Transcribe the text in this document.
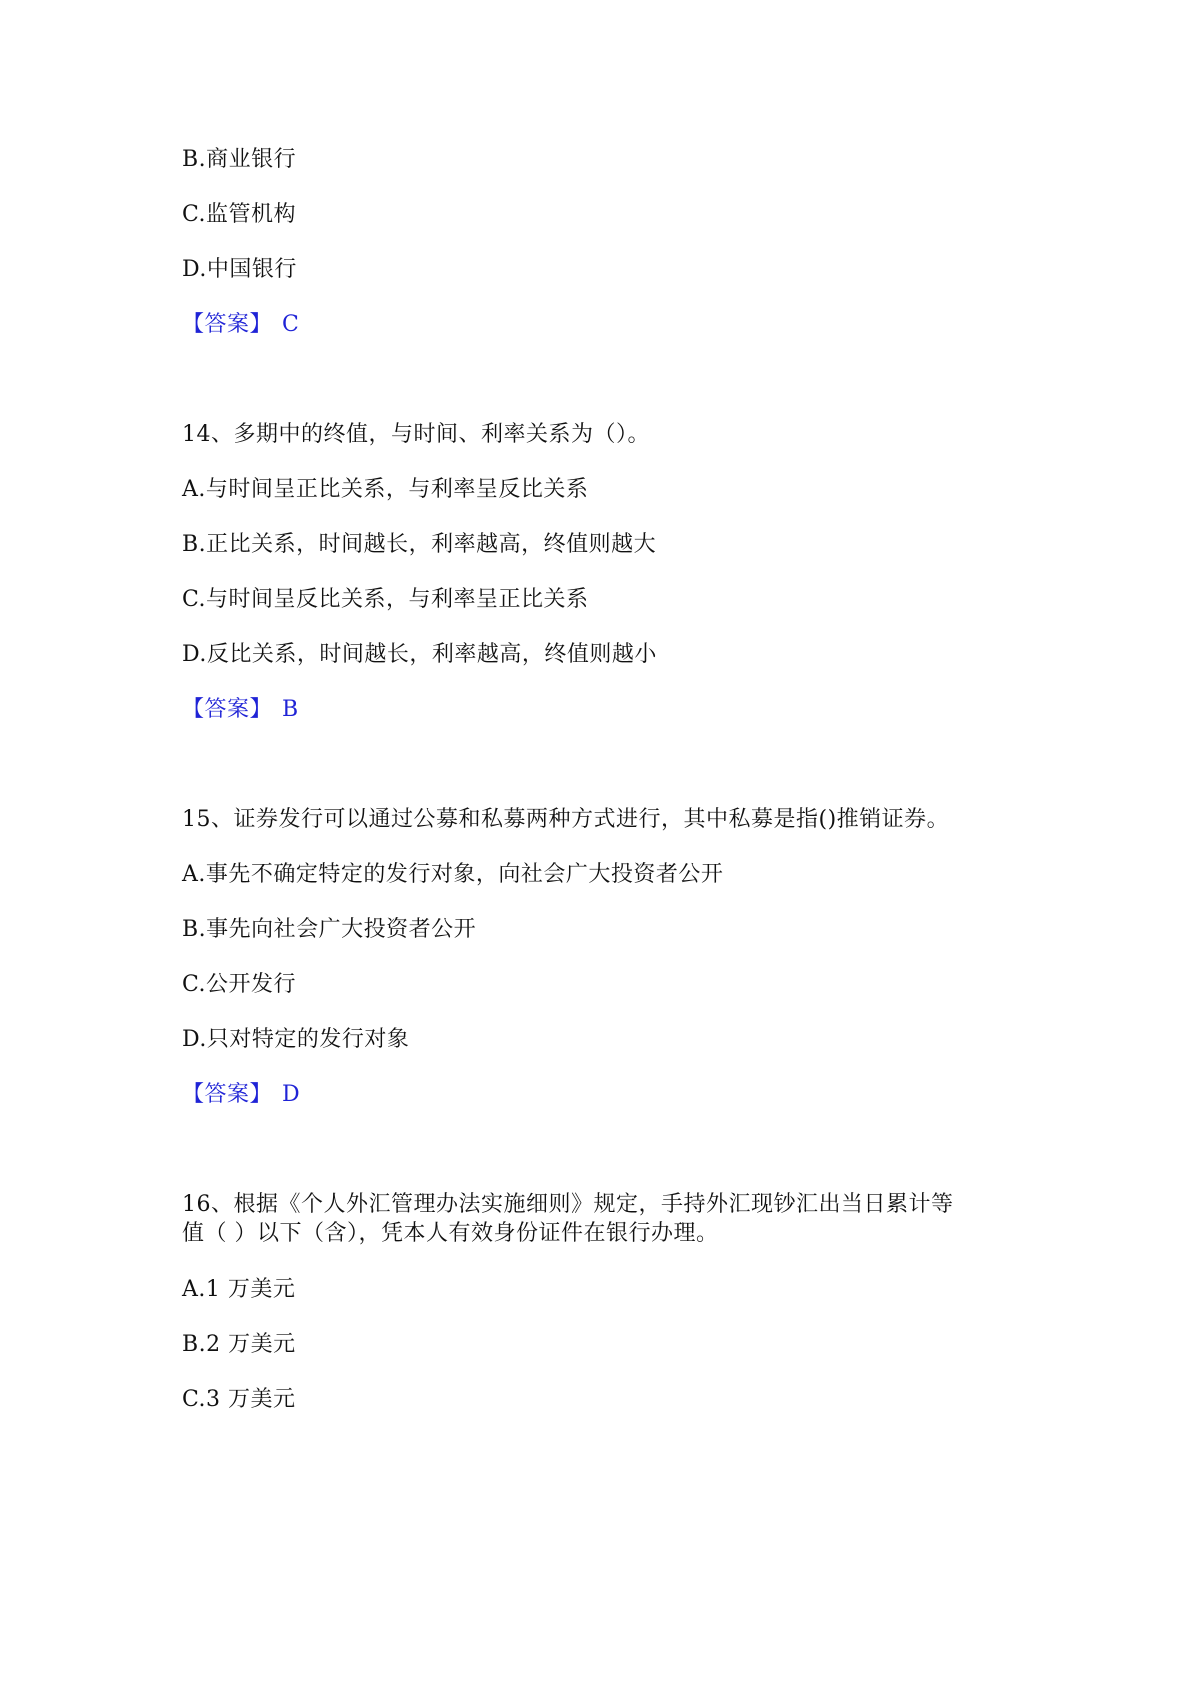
B.商业银行
C.监管机构
D.中国银行
【答案】 C
14、多期中的终值，与时间、利率关系为（）。
A.与时间呈正比关系，与利率呈反比关系
B.正比关系，时间越长，利率越高，终值则越大
C.与时间呈反比关系，与利率呈正比关系
D.反比关系，时间越长，利率越高，终值则越小
【答案】 B
15、证券发行可以通过公募和私募两种方式进行，其中私募是指()推销证券。
A.事先不确定特定的发行对象，向社会广大投资者公开
B.事先向社会广大投资者公开
C.公开发行
D.只对特定的发行对象
【答案】 D
16、根据《个人外汇管理办法实施细则》规定，手持外汇现钞汇出当日累计等
值（ ）以下（含），凭本人有效身份证件在银行办理。
A.1 万美元
B.2 万美元
C.3 万美元
